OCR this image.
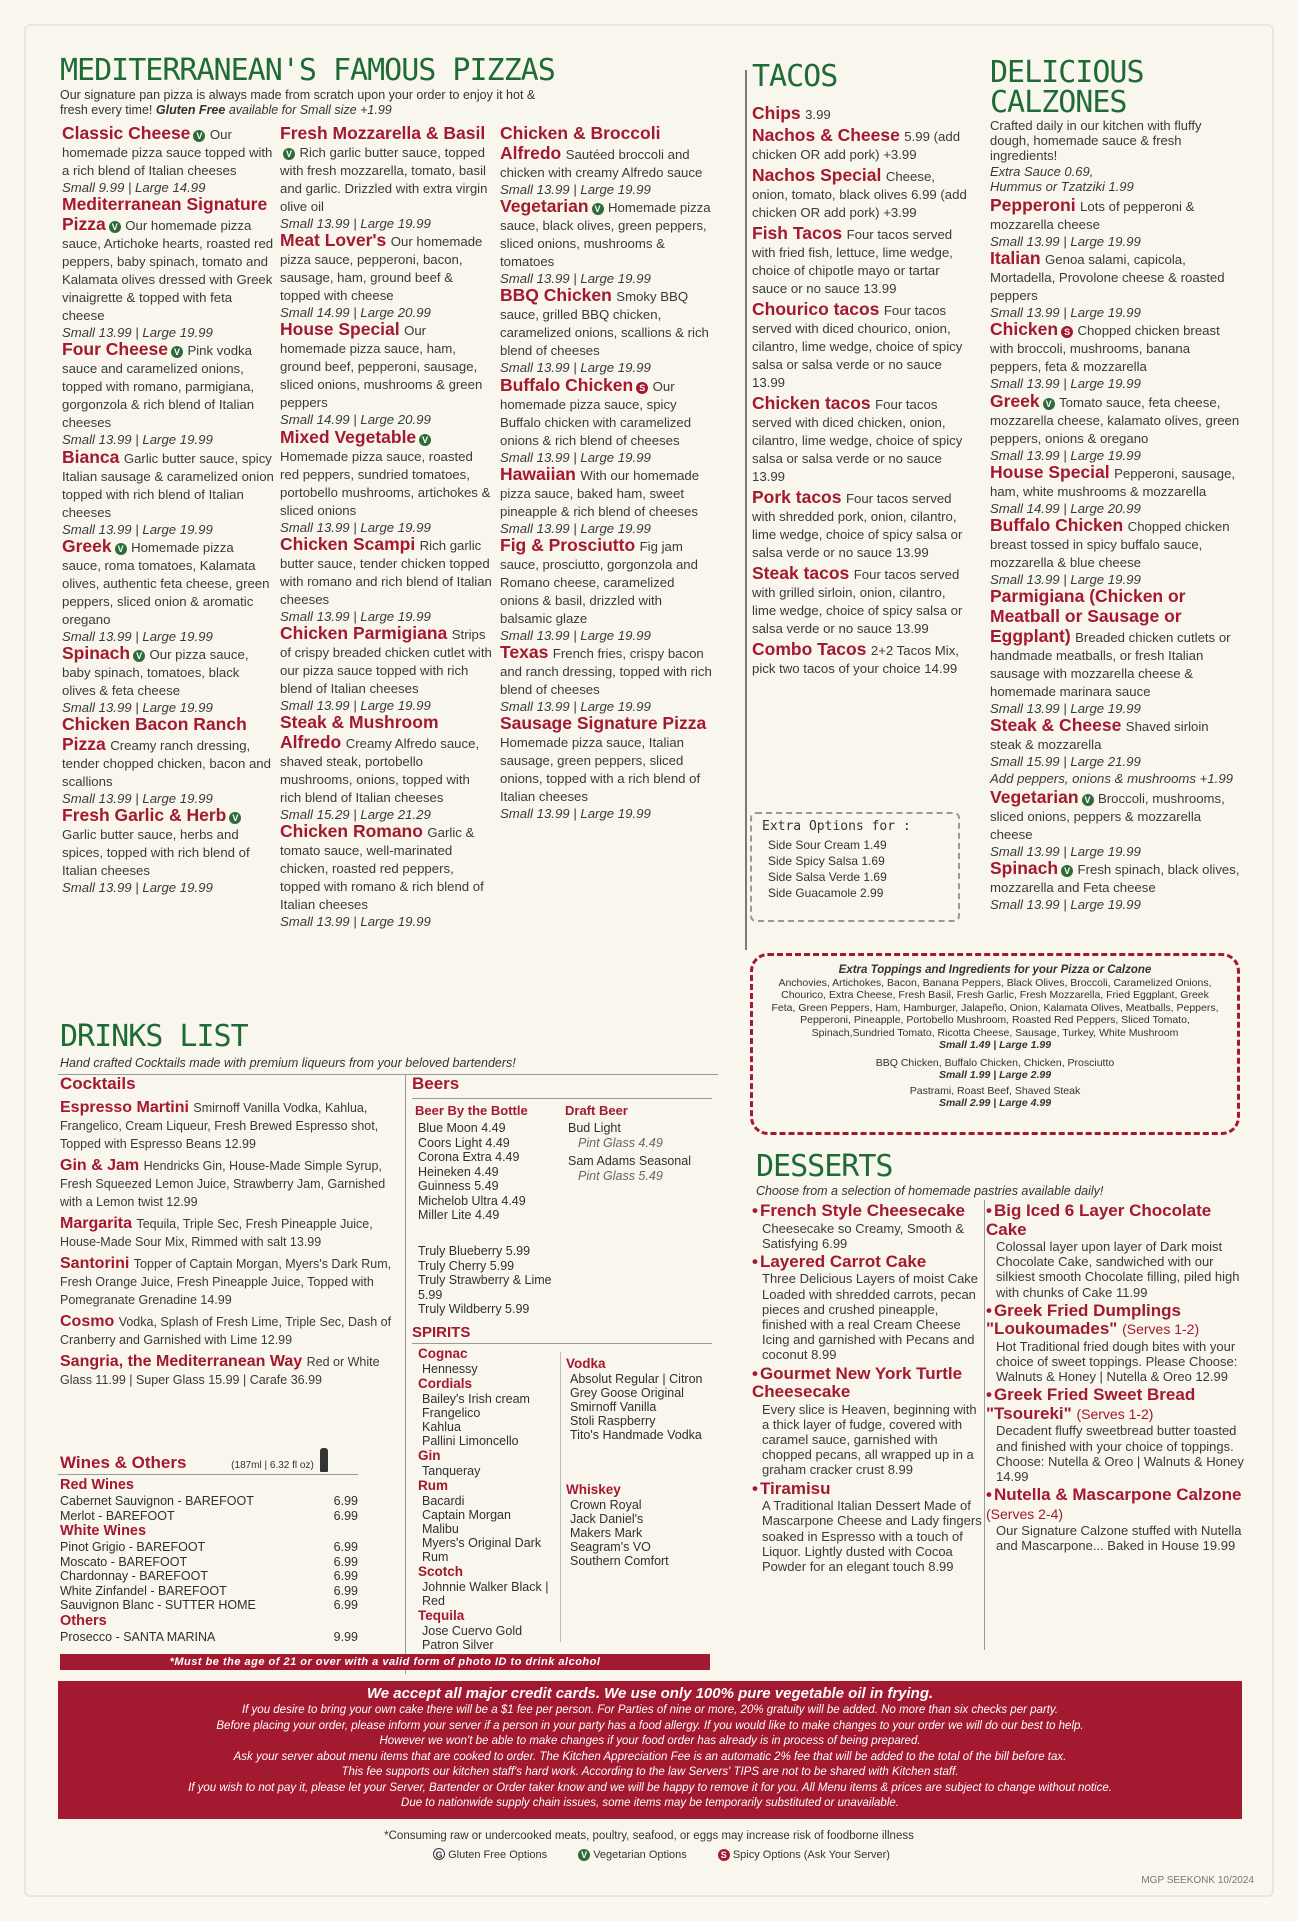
MEDITERRANEAN'S FAMOUS PIZZAS
Our signature pan pizza is always made from scratch upon your order to enjoy it hot &
fresh every time! Gluten Free available for Small size +1.99
Classic Cheese V Our homemade pizza sauce topped with a rich blend of Italian cheeses
Small 9.99 | Large 14.99
Mediterranean Signature Pizza V Our homemade pizza sauce, Artichoke hearts, roasted red peppers, baby spinach, tomato and Kalamata olives dressed with Greek vinaigrette & topped with feta cheese
Small 13.99 | Large 19.99
Four Cheese V Pink vodka sauce and caramelized onions, topped with romano, parmigiana, gorgonzola & rich blend of Italian cheeses
Small 13.99 | Large 19.99
Bianca Garlic butter sauce, spicy Italian sausage & caramelized onion topped with rich blend of Italian cheeses
Small 13.99 | Large 19.99
Greek V Homemade pizza sauce, roma tomatoes, Kalamata olives, authentic feta cheese, green peppers, sliced onion & aromatic oregano
Small 13.99 | Large 19.99
Spinach V Our pizza sauce, baby spinach, tomatoes, black olives & feta cheese
Small 13.99 | Large 19.99
Chicken Bacon Ranch Pizza Creamy ranch dressing, tender chopped chicken, bacon and scallions
Small 13.99 | Large 19.99
Fresh Garlic & Herb V Garlic butter sauce, herbs and spices, topped with rich blend of Italian cheeses
Small 13.99 | Large 19.99
Fresh Mozzarella & BasilV Rich garlic butter sauce, topped with fresh mozzarella, tomato, basil and garlic. Drizzled with extra virgin olive oil
Small 13.99 | Large 19.99
Meat Lover's Our homemade pizza sauce, pepperoni, bacon, sausage, ham, ground beef & topped with cheese
Small 14.99 | Large 20.99
House Special Our homemade pizza sauce, ham, ground beef, pepperoni, sausage, sliced onions, mushrooms & green peppers
Small 14.99 | Large 20.99
Mixed Vegetable V Homemade pizza sauce, roasted red peppers, sundried tomatoes, portobello mushrooms, artichokes & sliced onions
Small 13.99 | Large 19.99
Chicken Scampi Rich garlic butter sauce, tender chicken topped with romano and rich blend of Italian cheeses
Small 13.99 | Large 19.99
Chicken Parmigiana Strips of crispy breaded chicken cutlet with our pizza sauce topped with rich blend of Italian cheeses
Small 13.99 | Large 19.99
Steak & Mushroom Alfredo Creamy Alfredo sauce, shaved steak, portobello mushrooms, onions, topped with rich blend of Italian cheeses
Small 15.29 | Large 21.29
Chicken Romano Garlic & tomato sauce, well-marinated chicken, roasted red peppers, topped with romano & rich blend of Italian cheeses
Small 13.99 | Large 19.99
Chicken & Broccoli Alfredo Sautéed broccoli and chicken with creamy Alfredo sauce
Small 13.99 | Large 19.99
Vegetarian V Homemade pizza sauce, black olives, green peppers, sliced onions, mushrooms & tomatoes
Small 13.99 | Large 19.99
BBQ Chicken Smoky BBQ sauce, grilled BBQ chicken, caramelized onions, scallions & rich blend of cheeses
Small 13.99 | Large 19.99
Buffalo Chicken S Our homemade pizza sauce, spicy Buffalo chicken with caramelized onions & rich blend of cheeses
Small 13.99 | Large 19.99
Hawaiian With our homemade pizza sauce, baked ham, sweet pineapple & rich blend of cheeses
Small 13.99 | Large 19.99
Fig & Prosciutto Fig jam sauce, prosciutto, gorgonzola and Romano cheese, caramelized onions & basil, drizzled with balsamic glaze
Small 13.99 | Large 19.99
Texas French fries, crispy bacon and ranch dressing, topped with rich blend of cheeses
Small 13.99 | Large 19.99
Sausage Signature Pizza Homemade pizza sauce, Italian sausage, green peppers, sliced onions, topped with a rich blend of Italian cheeses
Small 13.99 | Large 19.99
TACOS
Chips 3.99
Nachos & Cheese 5.99 (add chicken OR add pork) +3.99
Nachos Special Cheese, onion, tomato, black olives 6.99 (add chicken OR add pork) +3.99
Fish Tacos Four tacos served with fried fish, lettuce, lime wedge, choice of chipotle mayo or tartar sauce or no sauce 13.99
Chourico tacos Four tacos served with diced chourico, onion, cilantro, lime wedge, choice of spicy salsa or salsa verde or no sauce 13.99
Chicken tacos Four tacos served with diced chicken, onion, cilantro, lime wedge, choice of spicy salsa or salsa verde or no sauce 13.99
Pork tacos Four tacos served with shredded pork, onion, cilantro, lime wedge, choice of spicy salsa or salsa verde or no sauce 13.99
Steak tacos Four tacos served with grilled sirloin, onion, cilantro, lime wedge, choice of spicy salsa or salsa verde or no sauce 13.99
Combo Tacos 2+2 Tacos Mix, pick two tacos of your choice 14.99
Extra Options for :
Side Sour Cream 1.49
Side Spicy Salsa 1.69
Side Salsa Verde 1.69
Side Guacamole 2.99
DELICIOUS
CALZONES
Crafted daily in our kitchen with fluffy dough, homemade sauce & fresh ingredients!
Extra Sauce 0.69,
Hummus or Tzatziki 1.99
Pepperoni Lots of pepperoni & mozzarella cheese
Small 13.99 | Large 19.99
Italian Genoa salami, capicola, Mortadella, Provolone cheese & roasted peppers
Small 13.99 | Large 19.99
Chicken S Chopped chicken breast with broccoli, mushrooms, banana peppers, feta & mozzarella
Small 13.99 | Large 19.99
Greek V Tomato sauce, feta cheese, mozzarella cheese, kalamato olives, green peppers, onions & oregano
Small 13.99 | Large 19.99
House Special Pepperoni, sausage, ham, white mushrooms & mozzarella
Small 14.99 | Large 20.99
Buffalo Chicken Chopped chicken breast tossed in spicy buffalo sauce, mozzarella & blue cheese
Small 13.99 | Large 19.99
Parmigiana (Chicken or Meatball or Sausage or Eggplant) Breaded chicken cutlets or handmade meatballs, or fresh Italian sausage with mozzarella cheese & homemade marinara sauce
Small 13.99 | Large 19.99
Steak & Cheese Shaved sirloin steak & mozzarella
Small 15.99 | Large 21.99
Add peppers, onions & mushrooms +1.99
Vegetarian V Broccoli, mushrooms, sliced onions, peppers & mozzarella cheese
Small 13.99 | Large 19.99
Spinach V Fresh spinach, black olives, mozzarella and Feta cheese
Small 13.99 | Large 19.99
Extra Toppings and Ingredients for your Pizza or Calzone
Anchovies, Artichokes, Bacon, Banana Peppers, Black Olives, Broccoli, Caramelized Onions, Chourico, Extra Cheese, Fresh Basil, Fresh Garlic, Fresh Mozzarella, Fried Eggplant, Greek Feta, Green Peppers, Ham, Hamburger, Jalapeño, Onion, Kalamata Olives, Meatballs, Peppers, Pepperoni, Pineapple, Portobello Mushroom, Roasted Red Peppers, Sliced Tomato, Spinach,Sundried Tomato, Ricotta Cheese, Sausage, Turkey, White Mushroom
Small 1.49 | Large 1.99
BBQ Chicken, Buffalo Chicken, Chicken, Prosciutto
Small 1.99 | Large 2.99
Pastrami, Roast Beef, Shaved Steak
Small 2.99 | Large 4.99
DRINKS LIST
Hand crafted Cocktails made with premium liqueurs from your beloved bartenders!
Cocktails
Espresso Martini Smirnoff Vanilla Vodka, Kahlua, Frangelico, Cream Liqueur, Fresh Brewed Espresso shot, Topped with Espresso Beans 12.99
Gin & Jam Hendricks Gin, House-Made Simple Syrup, Fresh Squeezed Lemon Juice, Strawberry Jam, Garnished with a Lemon twist 12.99
Margarita Tequila, Triple Sec, Fresh Pineapple Juice, House-Made Sour Mix, Rimmed with salt 13.99
Santorini Topper of Captain Morgan, Myers's Dark Rum, Fresh Orange Juice, Fresh Pineapple Juice, Topped with Pomegranate Grenadine 14.99
Cosmo Vodka, Splash of Fresh Lime, Triple Sec, Dash of Cranberry and Garnished with Lime 12.99
Sangria, the Mediterranean Way Red or White Glass 11.99 | Super Glass 15.99 | Carafe 36.99
Wines & Others	(187ml | 6.32 fl oz)
Red Wines
Cabernet Sauvignon - BAREFOOT	6.99
Merlot - BAREFOOT	6.99
White Wines
Pinot Grigio - BAREFOOT	6.99
Moscato - BAREFOOT	6.99
Chardonnay - BAREFOOT	6.99
White Zinfandel - BAREFOOT	6.99
Sauvignon Blanc - SUTTER HOME	6.99
Others
Prosecco - SANTA MARINA	9.99
*Must be the age of 21 or over with a valid form of photo ID to drink alcohol
Beers
Beer By the Bottle
Blue Moon 4.49
Coors Light 4.49
Corona Extra 4.49
Heineken 4.49
Guinness 5.49
Michelob Ultra 4.49
Miller Lite 4.49
Truly Blueberry 5.99
Truly Cherry 5.99
Truly Strawberry & Lime 5.99
Truly Wildberry 5.99
Draft Beer
Bud Light
Pint Glass 4.49
Sam Adams Seasonal
Pint Glass 5.49
SPIRITS
Cognac
Hennessy
Cordials
Bailey's Irish cream
Frangelico
Kahlua
Pallini Limoncello
Gin
Tanqueray
Rum
Bacardi
Captain Morgan
Malibu
Myers's Original Dark Rum
Scotch
Johnnie Walker Black | Red
Tequila
Jose Cuervo Gold
Patron Silver
Vodka
Absolut Regular | Citron
Grey Goose Original
Smirnoff Vanilla
Stoli Raspberry
Tito's Handmade Vodka
Whiskey
Crown Royal
Jack Daniel's
Makers Mark
Seagram's VO
Southern Comfort
DESSERTS
Choose from a selection of homemade pastries available daily!
• French Style Cheesecake
Cheesecake so Creamy, Smooth & Satisfying 6.99
• Layered Carrot Cake
Three Delicious Layers of moist Cake Loaded with shredded carrots, pecan pieces and crushed pineapple, finished with a real Cream Cheese Icing and garnished with Pecans and coconut 8.99
• Gourmet New York Turtle Cheesecake
Every slice is Heaven, beginning with a thick layer of fudge, covered with caramel sauce, garnished with chopped pecans, all wrapped up in a graham cracker crust 8.99
• Tiramisu
A Traditional Italian Dessert Made of Mascarpone Cheese and Lady fingers soaked in Espresso with a touch of Liquor. Lightly dusted with Cocoa Powder for an elegant touch 8.99
• Big Iced 6 Layer Chocolate Cake
Colossal layer upon layer of Dark moist Chocolate Cake, sandwiched with our silkiest smooth Chocolate filling, piled high with chunks of Cake 11.99
• Greek Fried Dumplings "Loukoumades" (Serves 1-2)
Hot Traditional fried dough bites with your choice of sweet toppings. Please Choose: Walnuts & Honey | Nutella & Oreo 12.99
• Greek Fried Sweet Bread "Tsoureki" (Serves 1-2)
Decadent fluffy sweetbread butter toasted and finished with your choice of toppings. Choose: Nutella & Oreo | Walnuts & Honey 14.99
• Nutella & Mascarpone Calzone (Serves 2-4)
Our Signature Calzone stuffed with Nutella and Mascarpone... Baked in House 19.99
We accept all major credit cards. We use only 100% pure vegetable oil in frying.
If you desire to bring your own cake there will be a $1 fee per person. For Parties of nine or more, 20% gratuity will be added. No more than six checks per party.
Before placing your order, please inform your server if a person in your party has a food allergy. If you would like to make changes to your order we will do our best to help.
However we won't be able to make changes if your food order has already is in process of being prepared.
Ask your server about menu items that are cooked to order. The Kitchen Appreciation Fee is an automatic 2% fee that will be added to the total of the bill before tax.
This fee supports our kitchen staff's hard work. According to the law Servers' TIPS are not to be shared with Kitchen staff.
If you wish to not pay it, please let your Server, Bartender or Order taker know and we will be happy to remove it for you. All Menu items & prices are subject to change without notice.
Due to nationwide supply chain issues, some items may be temporarily substituted or unavailable.
*Consuming raw or undercooked meats, poultry, seafood, or eggs may increase risk of foodborne illness
G Gluten Free Options	V Vegetarian Options	S Spicy Options (Ask Your Server)
MGP SEEKONK 10/2024
